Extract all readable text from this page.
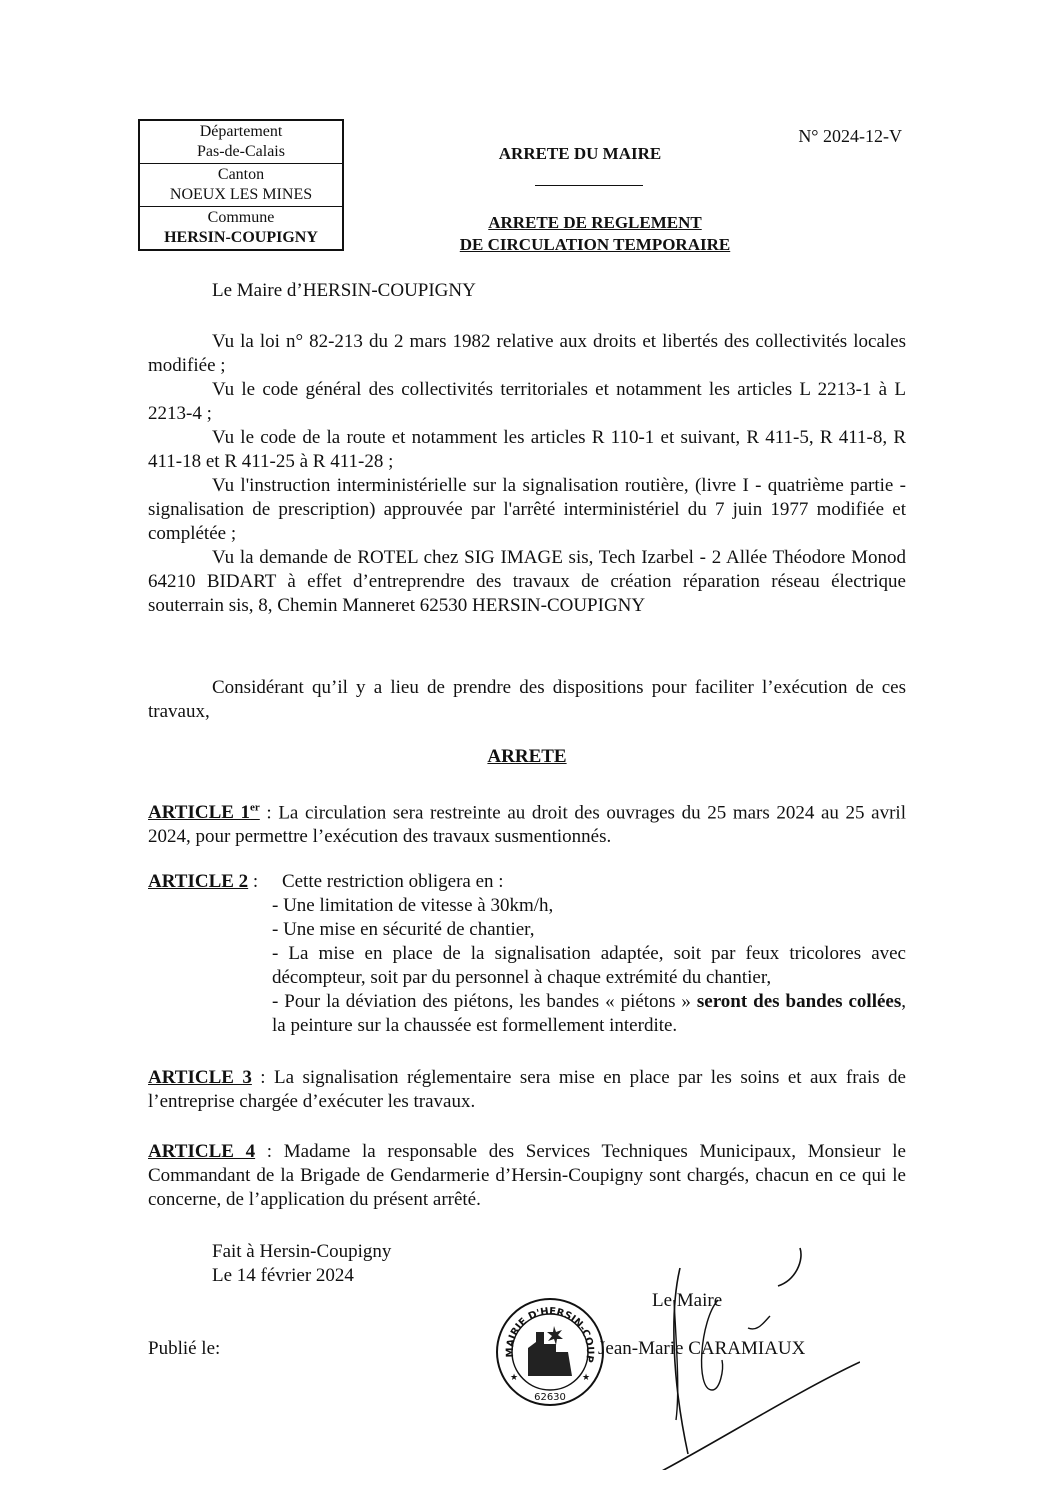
Département
Pas-de-Calais
Canton
NOEUX LES MINES
Commune
HERSIN-COUPIGNY
N° 2024-12-V
ARRETE DU MAIRE
ARRETE DE REGLEMENT
DE CIRCULATION TEMPORAIRE
Le Maire d’HERSIN-COUPIGNY
Vu la loi n° 82-213 du 2 mars 1982 relative aux droits et libertés des collectivités locales modifiée ;
Vu le code général des collectivités territoriales et notamment les articles L 2213-1 à L 2213-4 ;
Vu le code de la route et notamment les articles R 110-1 et suivant, R 411-5, R 411-8, R 411-18 et R 411-25 à R 411-28 ;
Vu l'instruction interministérielle sur la signalisation routière, (livre I - quatrième partie - signalisation de prescription) approuvée par l'arrêté interministériel du 7 juin 1977 modifiée et complétée ;
Vu la demande de ROTEL chez SIG IMAGE sis, Tech Izarbel - 2 Allée Théodore Monod 64210 BIDART à effet d’entreprendre des travaux de création réparation réseau électrique souterrain sis, 8, Chemin Manneret 62530 HERSIN-COUPIGNY
Considérant qu’il y a lieu de prendre des dispositions pour faciliter l’exécution de ces travaux,
ARRETE
ARTICLE 1er : La circulation sera restreinte au droit des ouvrages du 25 mars 2024 au 25 avril 2024, pour permettre l’exécution des travaux susmentionnés.
ARTICLE 2 :     Cette restriction obligera en :
- Une limitation de vitesse à 30km/h,
- Une mise en sécurité de chantier,
- La mise en place de la signalisation adaptée, soit par feux tricolores avec décompteur, soit par du personnel à chaque extrémité du chantier,
- Pour la déviation des piétons, les bandes « piétons » seront des bandes collées, la peinture sur la chaussée est formellement interdite.
ARTICLE 3 : La signalisation réglementaire sera mise en place par les soins et aux frais de l’entreprise chargée d’exécuter les travaux.
ARTICLE 4 : Madame la responsable des Services Techniques Municipaux, Monsieur le Commandant de la Brigade de Gendarmerie d’Hersin-Coupigny sont chargés, chacun en ce qui le concerne, de l’application du présent arrêté.
Fait à Hersin-Coupigny
Le 14 février 2024
Publié le:	MAIRIE D'HERSIN-COUP
★	★
62630
Le Maire
Jean-Marie CARAMIAUX
